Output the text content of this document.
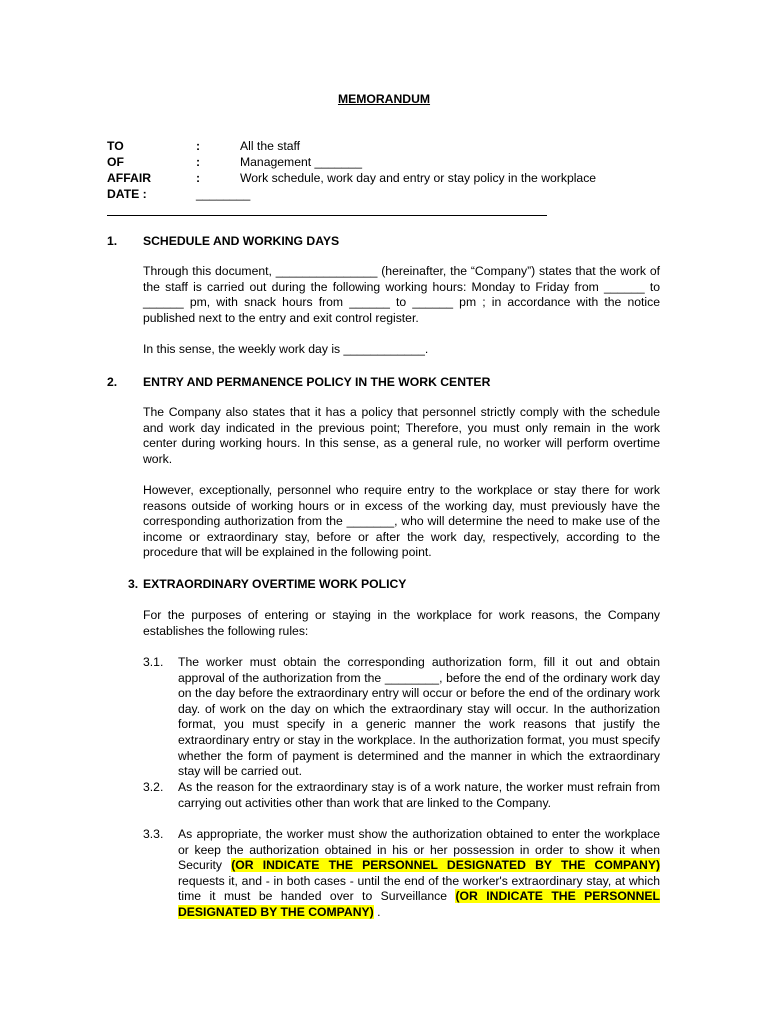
MEMORANDUM
TO	:	All the staff
OF	:	Management _______
AFFAIR	:	Work schedule, work day and entry or stay policy in the workplace
DATE :	________
1. SCHEDULE AND WORKING DAYS
Through this document, _______________ (hereinafter, the “Company”) states that the work of the staff is carried out during the following working hours: Monday to Friday from ______ to ______ pm, with snack hours from ______ to ______ pm ; in accordance with the notice published next to the entry and exit control register.
In this sense, the weekly work day is ____________.
2. ENTRY AND PERMANENCE POLICY IN THE WORK CENTER
The Company also states that it has a policy that personnel strictly comply with the schedule and work day indicated in the previous point; Therefore, you must only remain in the work center during working hours. In this sense, as a general rule, no worker will perform overtime work.
However, exceptionally, personnel who require entry to the workplace or stay there for work reasons outside of working hours or in excess of the working day, must previously have the corresponding authorization from the _______, who will determine the need to make use of the income or extraordinary stay, before or after the work day, respectively, according to the procedure that will be explained in the following point.
3. EXTRAORDINARY OVERTIME WORK POLICY
For the purposes of entering or staying in the workplace for work reasons, the Company establishes the following rules:
3.1. The worker must obtain the corresponding authorization form, fill it out and obtain approval of the authorization from the ________, before the end of the ordinary work day on the day before the extraordinary entry will occur or before the end of the ordinary work day. of work on the day on which the extraordinary stay will occur. In the authorization format, you must specify in a generic manner the work reasons that justify the extraordinary entry or stay in the workplace. In the authorization format, you must specify whether the form of payment is determined and the manner in which the extraordinary stay will be carried out.
3.2. As the reason for the extraordinary stay is of a work nature, the worker must refrain from carrying out activities other than work that are linked to the Company.
3.3. As appropriate, the worker must show the authorization obtained to enter the workplace or keep the authorization obtained in his or her possession in order to show it when Security (OR INDICATE THE PERSONNEL DESIGNATED BY THE COMPANY) requests it, and - in both cases - until the end of the worker's extraordinary stay, at which time it must be handed over to Surveillance (OR INDICATE THE PERSONNEL DESIGNATED BY THE COMPANY) .
